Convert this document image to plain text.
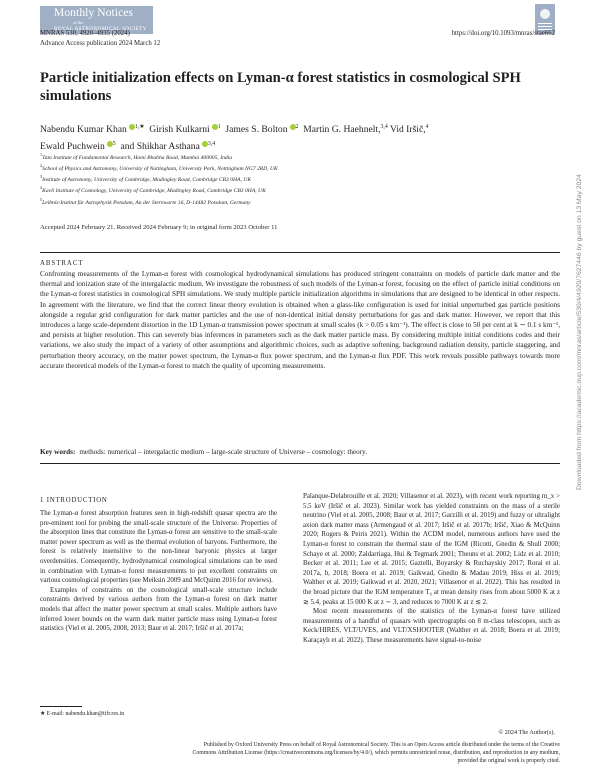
Monthly Notices
of the
ROYAL ASTRONOMICAL SOCIETY
MNRAS 530, 4920–4935 (2024)	https://doi.org/10.1093/mnras/stae662
Advance Access publication 2024 March 12
Particle initialization effects on Lyman-α forest statistics in cosmological SPH simulations
Nabendu Kumar Khan $^{1,★}$ Girish Kulkarni $^1$ James S. Bolton $^2$ Martin G. Haehnelt,$^{3,4}$ Vid Iršič,$^4$
Ewald Puchwein $^5$ and Shikhar Asthana $^{3,4}$
$^1$Tata Institute of Fundamental Research, Homi Bhabha Road, Mumbai 400005, India
$^2$School of Physics and Astronomy, University of Nottingham, University Park, Nottingham NG7 2RD, UK
$^3$Institute of Astronomy, University of Cambridge, Madingley Road, Cambridge CB3 0HA, UK
$^4$Kavli Institute of Cosmology, University of Cambridge, Madingley Road, Cambridge CB3 0HA, UK
$^5$Leibniz-Institut für Astrophysik Potsdam, An der Sternwarte 16, D-14482 Potsdam, Germany
Accepted 2024 February 21. Received 2024 February 9; in original form 2023 October 11
ABSTRACT
Confronting measurements of the Lyman-α forest with cosmological hydrodynamical simulations has produced stringent constraints on models of particle dark matter and the thermal and ionization state of the intergalactic medium. We investigate the robustness of such models of the Lyman-α forest, focusing on the effect of particle initial conditions on the Lyman-α forest statistics in cosmological SPH simulations. We study multiple particle initialization algorithms in simulations that are designed to be identical in other respects. In agreement with the literature, we find that the correct linear theory evolution is obtained when a glass-like configuration is used for initial unperturbed gas particle positions alongside a regular grid configuration for dark matter particles and the use of non-identical initial density perturbations for gas and dark matter. However, we report that this introduces a large scale-dependent distortion in the 1D Lyman-α transmission power spectrum at small scales (k > 0.05 s km⁻¹). The effect is close to 50 per cent at k ∼ 0.1 s km⁻¹, and persists at higher resolution. This can severely bias inferences in parameters such as the dark matter particle mass. By considering multiple initial conditions codes and their variations, we also study the impact of a variety of other assumptions and algorithmic choices, such as adaptive softening, background radiation density, particle staggering, and perturbation theory accuracy, on the matter power spectrum, the Lyman-α flux power spectrum, and the Lyman-α flux PDF. This work reveals possible pathways towards more accurate theoretical models of the Lyman-α forest to match the quality of upcoming measurements.
Key words: methods: numerical – intergalactic medium – large-scale structure of Universe – cosmology: theory.
1 INTRODUCTION

The Lyman-α forest absorption features seen in high-redshift quasar spectra are the pre-eminent tool for probing the small-scale structure of the Universe. Properties of the absorption lines that constitute the Lyman-α forest are sensitive to the small-scale matter power spectrum as well as the thermal evolution of baryons. Furthermore, the forest is relatively insensitive to the non-linear baryonic physics at larger overdensities. Consequently, hydrodynamical cosmological simulations can be used in combination with Lyman-α forest measurements to put excellent constraints on various cosmological properties (see Meiksin 2009 and McQuinn 2016 for reviews).

Examples of constraints on the cosmological small-scale structure include constraints derived by various authors from the Lyman-α forest on dark matter models that affect the matter power spectrum at small scales. Multiple authors have inferred lower bounds on the warm dark matter particle mass using Lyman-α forest statistics (Viel et al. 2005, 2008, 2013; Baur et al. 2017; Iršič et al. 2017a;

Palanque-Delabrouille et al. 2020; Villasenor et al. 2023), with recent work reporting m_x > 5.5 keV (Iršič et al. 2023). Similar work has yielded constraints on the mass of a sterile neutrino (Viel et al. 2005, 2008; Baur et al. 2017; Garzilli et al. 2019) and fuzzy or ultralight axion dark matter mass (Armengaud et al. 2017; Iršič et al. 2017b; Iršič, Xiao & McQuinn 2020; Rogers & Peiris 2021). Within the ΛCDM model, numerous authors have used the Lyman-α forest to constrain the thermal state of the IGM (Ricotti, Gnedin & Shull 2000; Schaye et al. 2000; Zaldarriaga, Hui & Tegmark 2001; Theuns et al. 2002; Lidz et al. 2010; Becker et al. 2011; Lee et al. 2015; Gaztelli, Boyarsky & Ruchayskiy 2017; Rorai et al. 2017a, b, 2018; Boera et al. 2019; Gaikwad, Gnedin & Madau 2019; Hiss et al. 2019; Walther et al. 2019; Gaikwad et al. 2020, 2021; Villasenor et al. 2022). This has resulted in the broad picture that the IGM temperature T₀ at mean density rises from about 5000 K at z ≳ 5.4, peaks at 15 000 K at z ∼ 3, and reduces to 7000 K at z ≲ 2.

Most recent measurements of the statistics of the Lyman-α forest have utilized measurements of a handful of quasars with spectrographs on 8 m-class telescopes, such as Keck/HIRES, VLT/UVES, and VLT/XSHOOTER (Walther et al. 2018; Boera et al. 2019; Karaçaylı et al. 2022). These measurements have signal-to-noise

★ E-mail: nabendu.khan@tifr.res.in
© 2024 The Author(s).
Published by Oxford University Press on behalf of Royal Astronomical Society. This is an Open Access article distributed under the terms of the Creative
Commons Attribution License (https://creativecommons.org/licenses/by/4.0/), which permits unrestricted reuse, distribution, and reproduction in any medium,
provided the original work is properly cited.
Downloaded from https://academic.oup.com/mnras/article/530/4/4920/7627446 by guest on 13 May 2024
